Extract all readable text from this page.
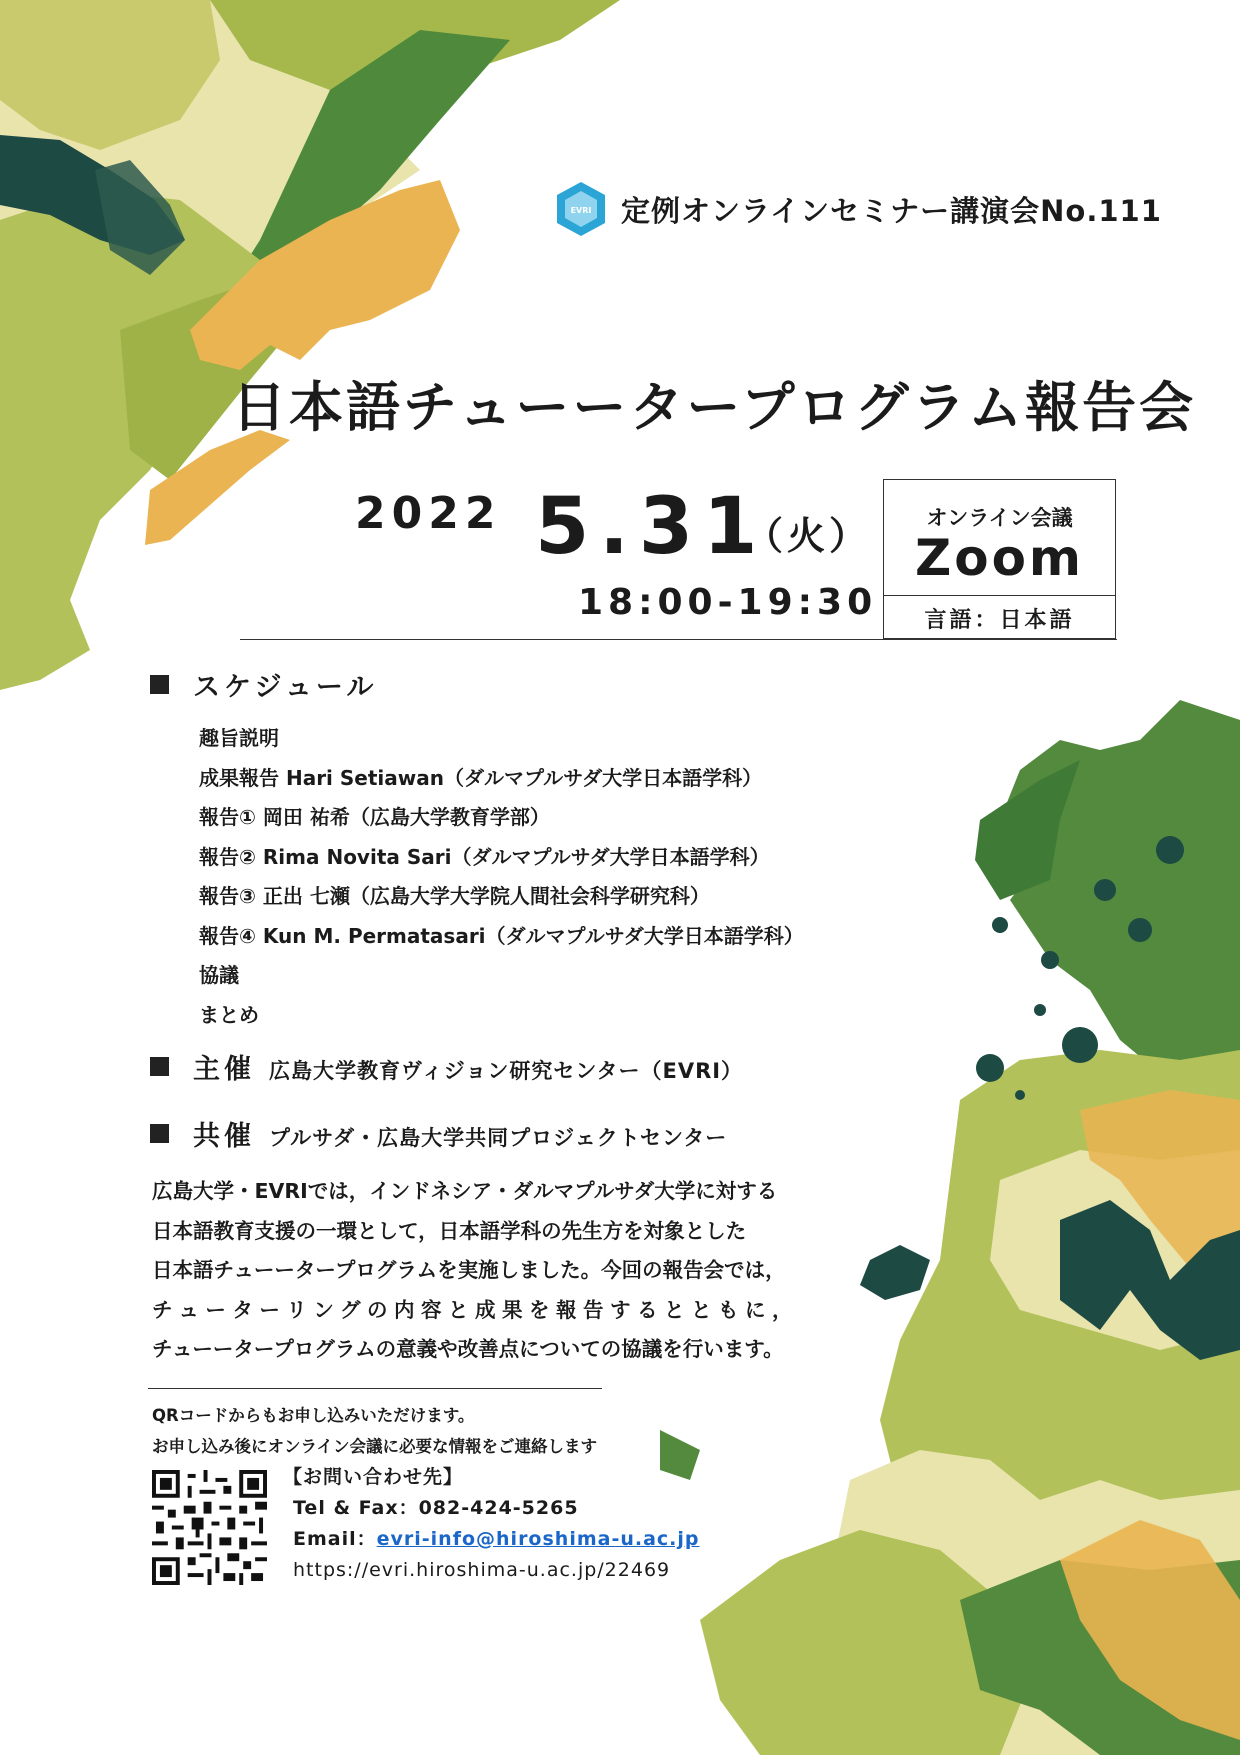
EVRI 定例オンラインセミナー講演会No.111
日本語チューータープログラム報告会
2022 5.31
（火）
18:00-19:30
オンライン会議
Zoom
言語：日本語
スケジュール
趣旨説明
成果報告 Hari Setiawan（ダルマプルサダ大学日本語学科）
報告① 岡田 祐希（広島大学教育学部）
報告② Rima Novita Sari（ダルマプルサダ大学日本語学科）
報告③ 正出 七瀬（広島大学大学院人間社会科学研究科）
報告④ Kun M. Permatasari（ダルマプルサダ大学日本語学科）
協議
まとめ
主催 広島大学教育ヴィジョン研究センター（EVRI）
共催 プルサダ・広島大学共同プロジェクトセンター

広島大学・EVRIでは，インドネシア・ダルマプルサダ大学に対する

日本語教育支援の一環として，日本語学科の先生方を対象とした

日本語チューータープログラムを実施しました。今回の報告会では，

チューターリングの内容と成果を報告するとともに，

チューータープログラムの意義や改善点についての協議を行います。

QRコードからもお申し込みいただけます。
お申し込み後にオンライン会議に必要な情報をご連絡します
【お問い合わせ先】
Tel & Fax：082-424-5265
Email：evri-info@hiroshima-u.ac.jp
https://evri.hiroshima-u.ac.jp/22469
